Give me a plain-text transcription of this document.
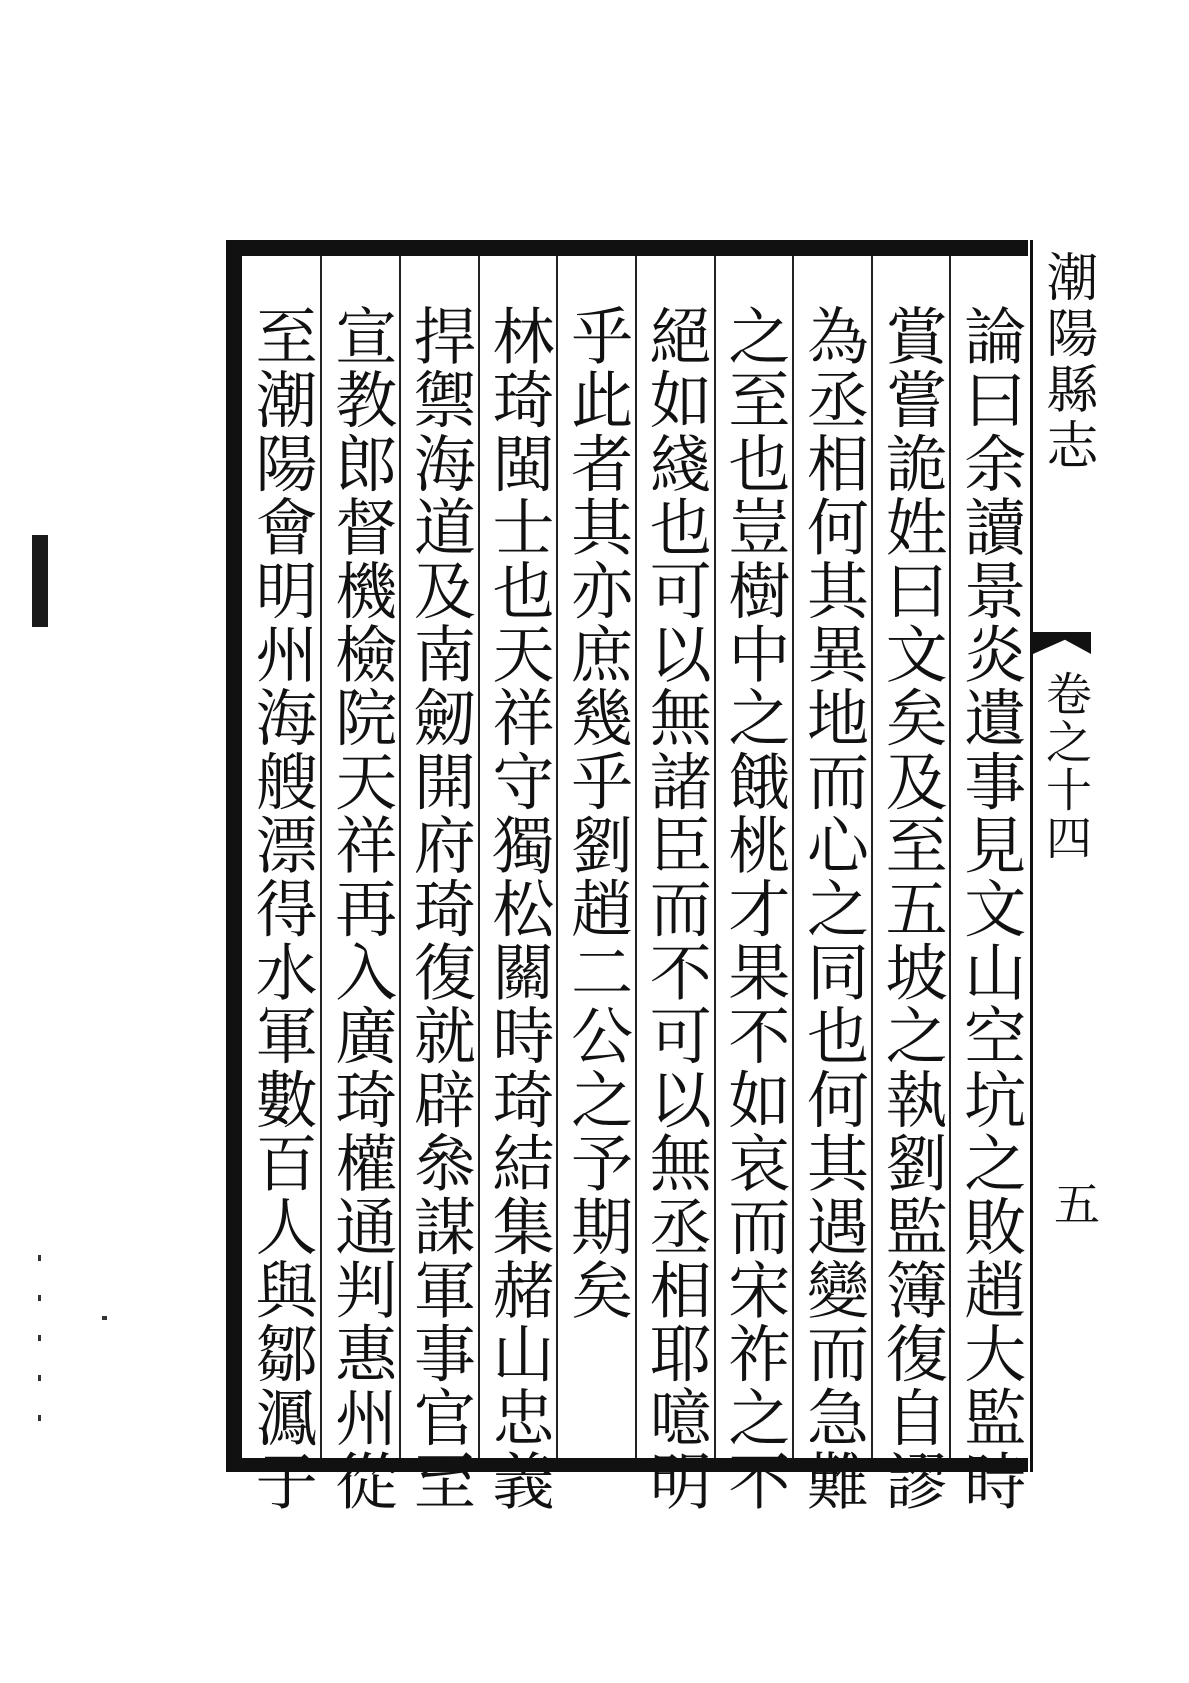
潮陽縣志
卷之十四
五
論曰余讀景炎遺事見文山空坑之敗趙大監時
賞嘗詭姓曰文矣及至五坡之執劉監簿復自謬
為丞相何其異地而心之同也何其遇變而急難
之至也豈樹中之餓桃才果不如哀而宋祚之不
絕如綫也可以無諸臣而不可以無丞相耶噫明
乎此者其亦庶幾乎劉趙二公之予期矣
林琦閩士也天祥守獨松關時琦結集赭山忠義
捍禦海道及南劒開府琦復就辟叅謀軍事官至
宣教郎督機檢院天祥再入廣琦權通判惠州從
至潮陽會明州海艘漂得水軍數百人與鄒㵯子
